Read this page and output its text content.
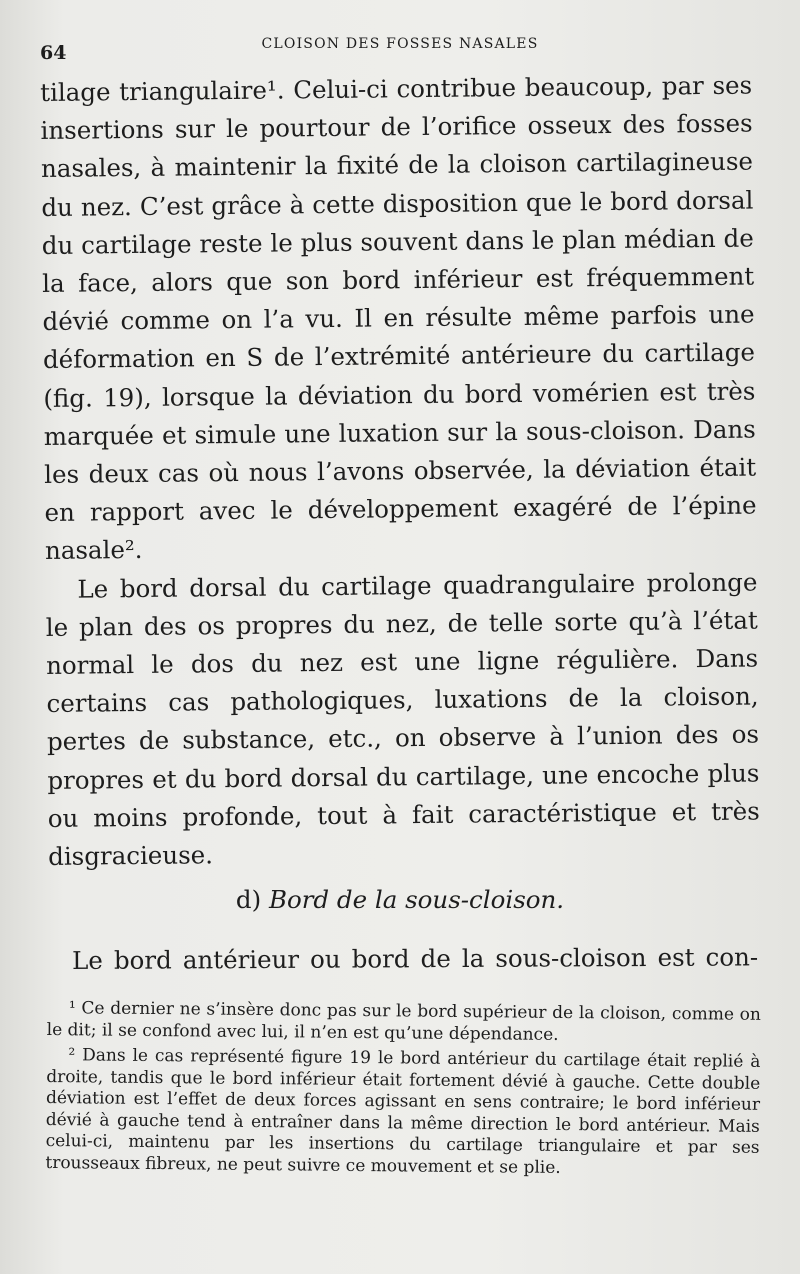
64	CLOISON DES FOSSES NASALES

tilage triangulaire¹. Celui-ci contribue beaucoup, par ses insertions sur le pourtour de l’orifice osseux des fosses nasales, à maintenir la fixité de la cloison cartilagineuse du nez. C’est grâce à cette disposition que le bord dorsal du cartilage reste le plus souvent dans le plan médian de la face, alors que son bord inférieur est fréquemment dévié comme on l’a vu. Il en résulte même parfois une déformation en S de l’extrémité antérieure du cartilage (fig. 19), lorsque la déviation du bord vomérien est très marquée et simule une luxation sur la sous-cloison. Dans les deux cas où nous l’avons observée, la déviation était en rapport avec le développement exagéré de l’épine nasale².

Le bord dorsal du cartilage quadrangulaire prolonge le plan des os propres du nez, de telle sorte qu’à l’état normal le dos du nez est une ligne régulière. Dans certains cas pathologiques, luxations de la cloison, pertes de substance, etc., on observe à l’union des os propres et du bord dorsal du cartilage, une encoche plus ou moins profonde, tout à fait caractéristique et très disgracieuse.

d) Bord de la sous-cloison.
Le bord antérieur ou bord de la sous-cloison est con-

¹ Ce dernier ne s’insère donc pas sur le bord supérieur de la cloison, comme on le dit; il se confond avec lui, il n’en est qu’une dépendance.

² Dans le cas représenté figure 19 le bord antérieur du cartilage était replié à droite, tandis que le bord inférieur était fortement dévié à gauche. Cette double déviation est l’effet de deux forces agissant en sens contraire; le bord inférieur dévié à gauche tend à entraîner dans la même direction le bord antérieur. Mais celui-ci, maintenu par les insertions du cartilage triangulaire et par ses trousseaux fibreux, ne peut suivre ce mouvement et se plie.
